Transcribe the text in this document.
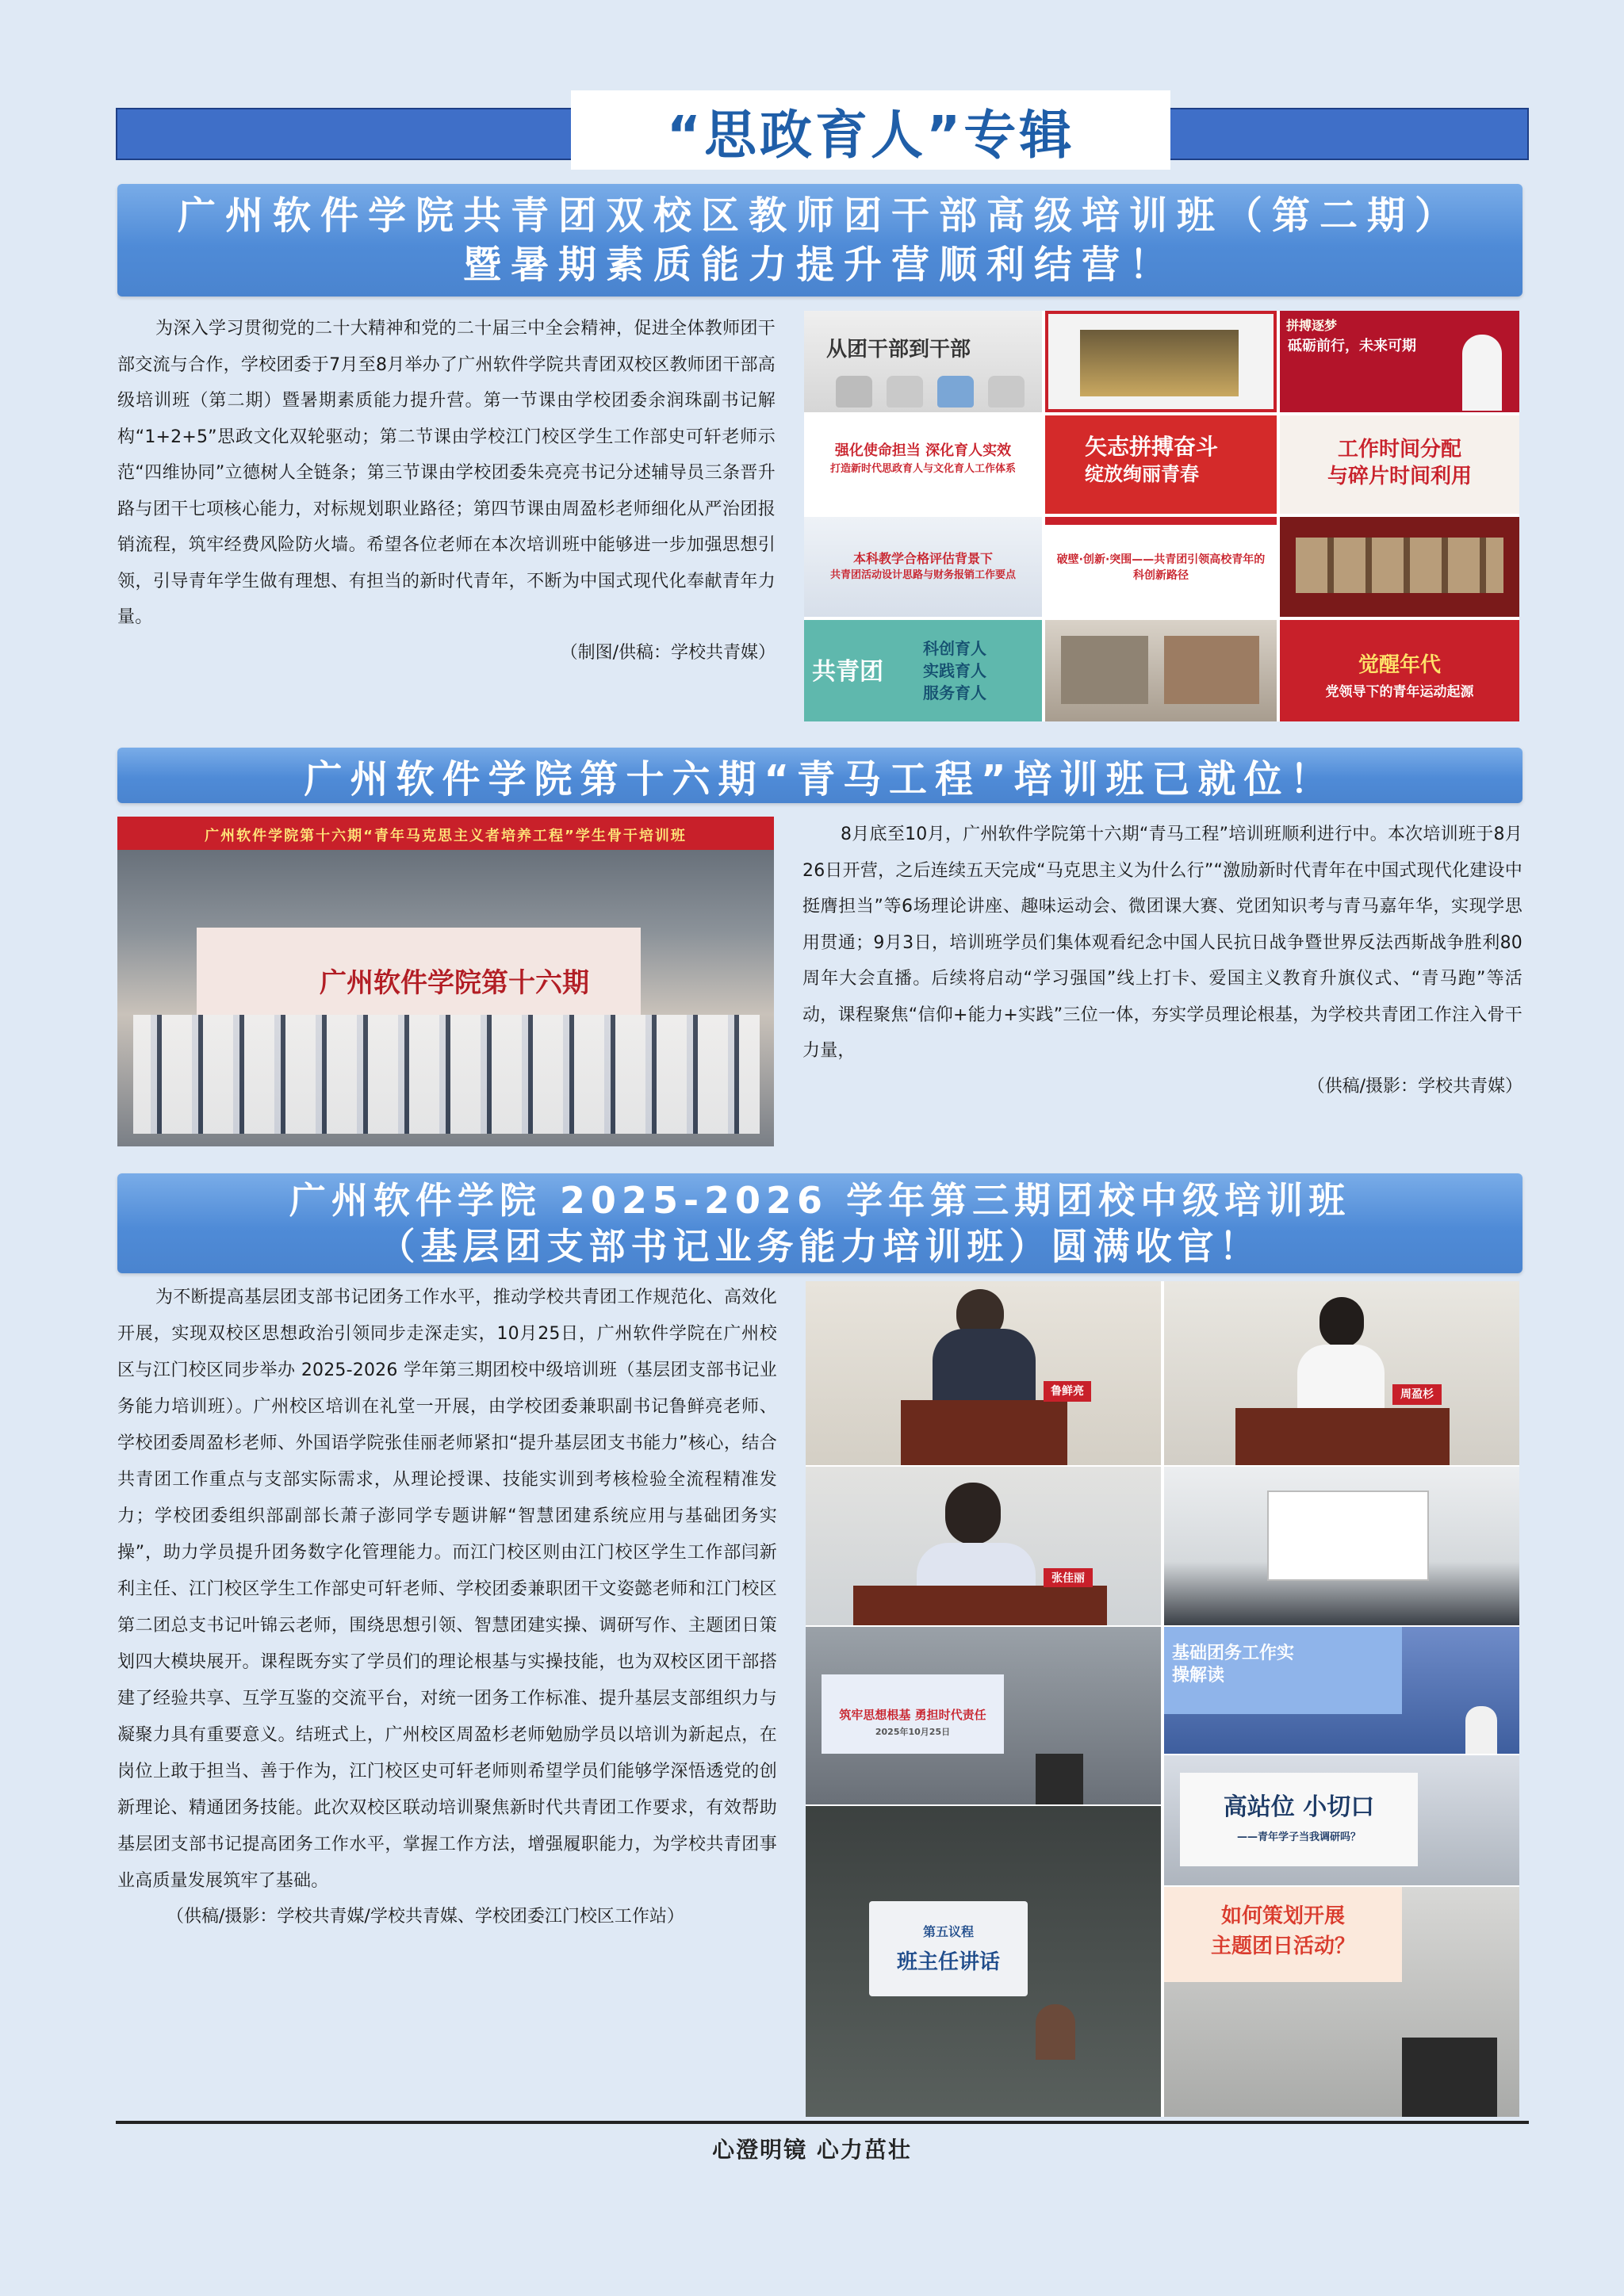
“思政育人”专辑
广州软件学院共青团双校区教师团干部高级培训班（第二期）
暨暑期素质能力提升营顺利结营！

为深入学习贯彻党的二十大精神和党的二十届三中全会精神，促进全体教师团干部交流与合作，学校团委于7月至8月举办了广州软件学院共青团双校区教师团干部高级培训班（第二期）暨暑期素质能力提升营。第一节课由学校团委余润珠副书记解构“1+2+5”思政文化双轮驱动；第二节课由学校江门校区学生工作部史可轩老师示范“四维协同”立德树人全链条；第三节课由学校团委朱亮亮书记分述辅导员三条晋升路与团干七项核心能力，对标规划职业路径；第四节课由周盈杉老师细化从严治团报销流程，筑牢经费风险防火墙。希望各位老师在本次培训班中能够进一步加强思想引领，引导青年学生做有理想、有担当的新时代青年，不断为中国式现代化奉献青年力量。

（制图/供稿：学校共青媒）

从团干部到干部
拼搏逐梦
砥砺前行，未来可期
强化使命担当 深化育人实效
打造新时代思政育人与文化育人工作体系
矢志拼搏奋斗
绽放绚丽青春
工作时间分配
与碎片时间利用
本科教学合格评估背景下
共青团活动设计思路与财务报销工作要点
破壁·创新·突围——共青团引领高校青年的科创新路径
共青团
科创育人
实践育人
服务育人
觉醒年代
党领导下的青年运动起源
广州软件学院第十六期“青马工程”培训班已就位！
广州软件学院第十六期“青年马克思主义者培养工程”学生骨干培训班
广州软件学院第十六期

8月底至10月，广州软件学院第十六期“青马工程”培训班顺利进行中。本次培训班于8月26日开营，之后连续五天完成“马克思主义为什么行”“激励新时代青年在中国式现代化建设中挺膺担当”等6场理论讲座、趣味运动会、微团课大赛、党团知识考与青马嘉年华，实现学思用贯通；9月3日，培训班学员们集体观看纪念中国人民抗日战争暨世界反法西斯战争胜利80周年大会直播。后续将启动“学习强国”线上打卡、爱国主义教育升旗仪式、“青马跑”等活动，课程聚焦“信仰+能力+实践”三位一体，夯实学员理论根基，为学校共青团工作注入骨干力量，

（供稿/摄影：学校共青媒）

广州软件学院 2025-2026 学年第三期团校中级培训班
（基层团支部书记业务能力培训班）圆满收官！

为不断提高基层团支部书记团务工作水平，推动学校共青团工作规范化、高效化开展，实现双校区思想政治引领同步走深走实，10月25日，广州软件学院在广州校区与江门校区同步举办 2025-2026 学年第三期团校中级培训班（基层团支部书记业务能力培训班）。广州校区培训在礼堂一开展，由学校团委兼职副书记鲁鲜亮老师、学校团委周盈杉老师、外国语学院张佳丽老师紧扣“提升基层团支书能力”核心，结合共青团工作重点与支部实际需求，从理论授课、技能实训到考核检验全流程精准发力；学校团委组织部副部长萧子澎同学专题讲解“智慧团建系统应用与基础团务实操”，助力学员提升团务数字化管理能力。而江门校区则由江门校区学生工作部闫新利主任、江门校区学生工作部史可轩老师、学校团委兼职团干文姿懿老师和江门校区第二团总支书记叶锦云老师，围绕思想引领、智慧团建实操、调研写作、主题团日策划四大模块展开。课程既夯实了学员们的理论根基与实操技能，也为双校区团干部搭建了经验共享、互学互鉴的交流平台，对统一团务工作标准、提升基层支部组织力与凝聚力具有重要意义。结班式上，广州校区周盈杉老师勉励学员以培训为新起点，在岗位上敢于担当、善于作为，江门校区史可轩老师则希望学员们能够学深悟透党的创新理论、精通团务技能。此次双校区联动培训聚焦新时代共青团工作要求，有效帮助基层团支部书记提高团务工作水平，掌握工作方法，增强履职能力，为学校共青团事业高质量发展筑牢了基础。

（供稿/摄影：学校共青媒/学校共青媒、学校团委江门校区工作站）

鲁鲜亮
张佳丽
筑牢思想根基 勇担时代责任
2025年10月25日
第五议程
班主任讲话
周盈杉
基础团务工作实操解读
高站位 小切口
——青年学子当我调研吗？
如何策划开展
主题团日活动？
心澄明镜 心力茁壮
